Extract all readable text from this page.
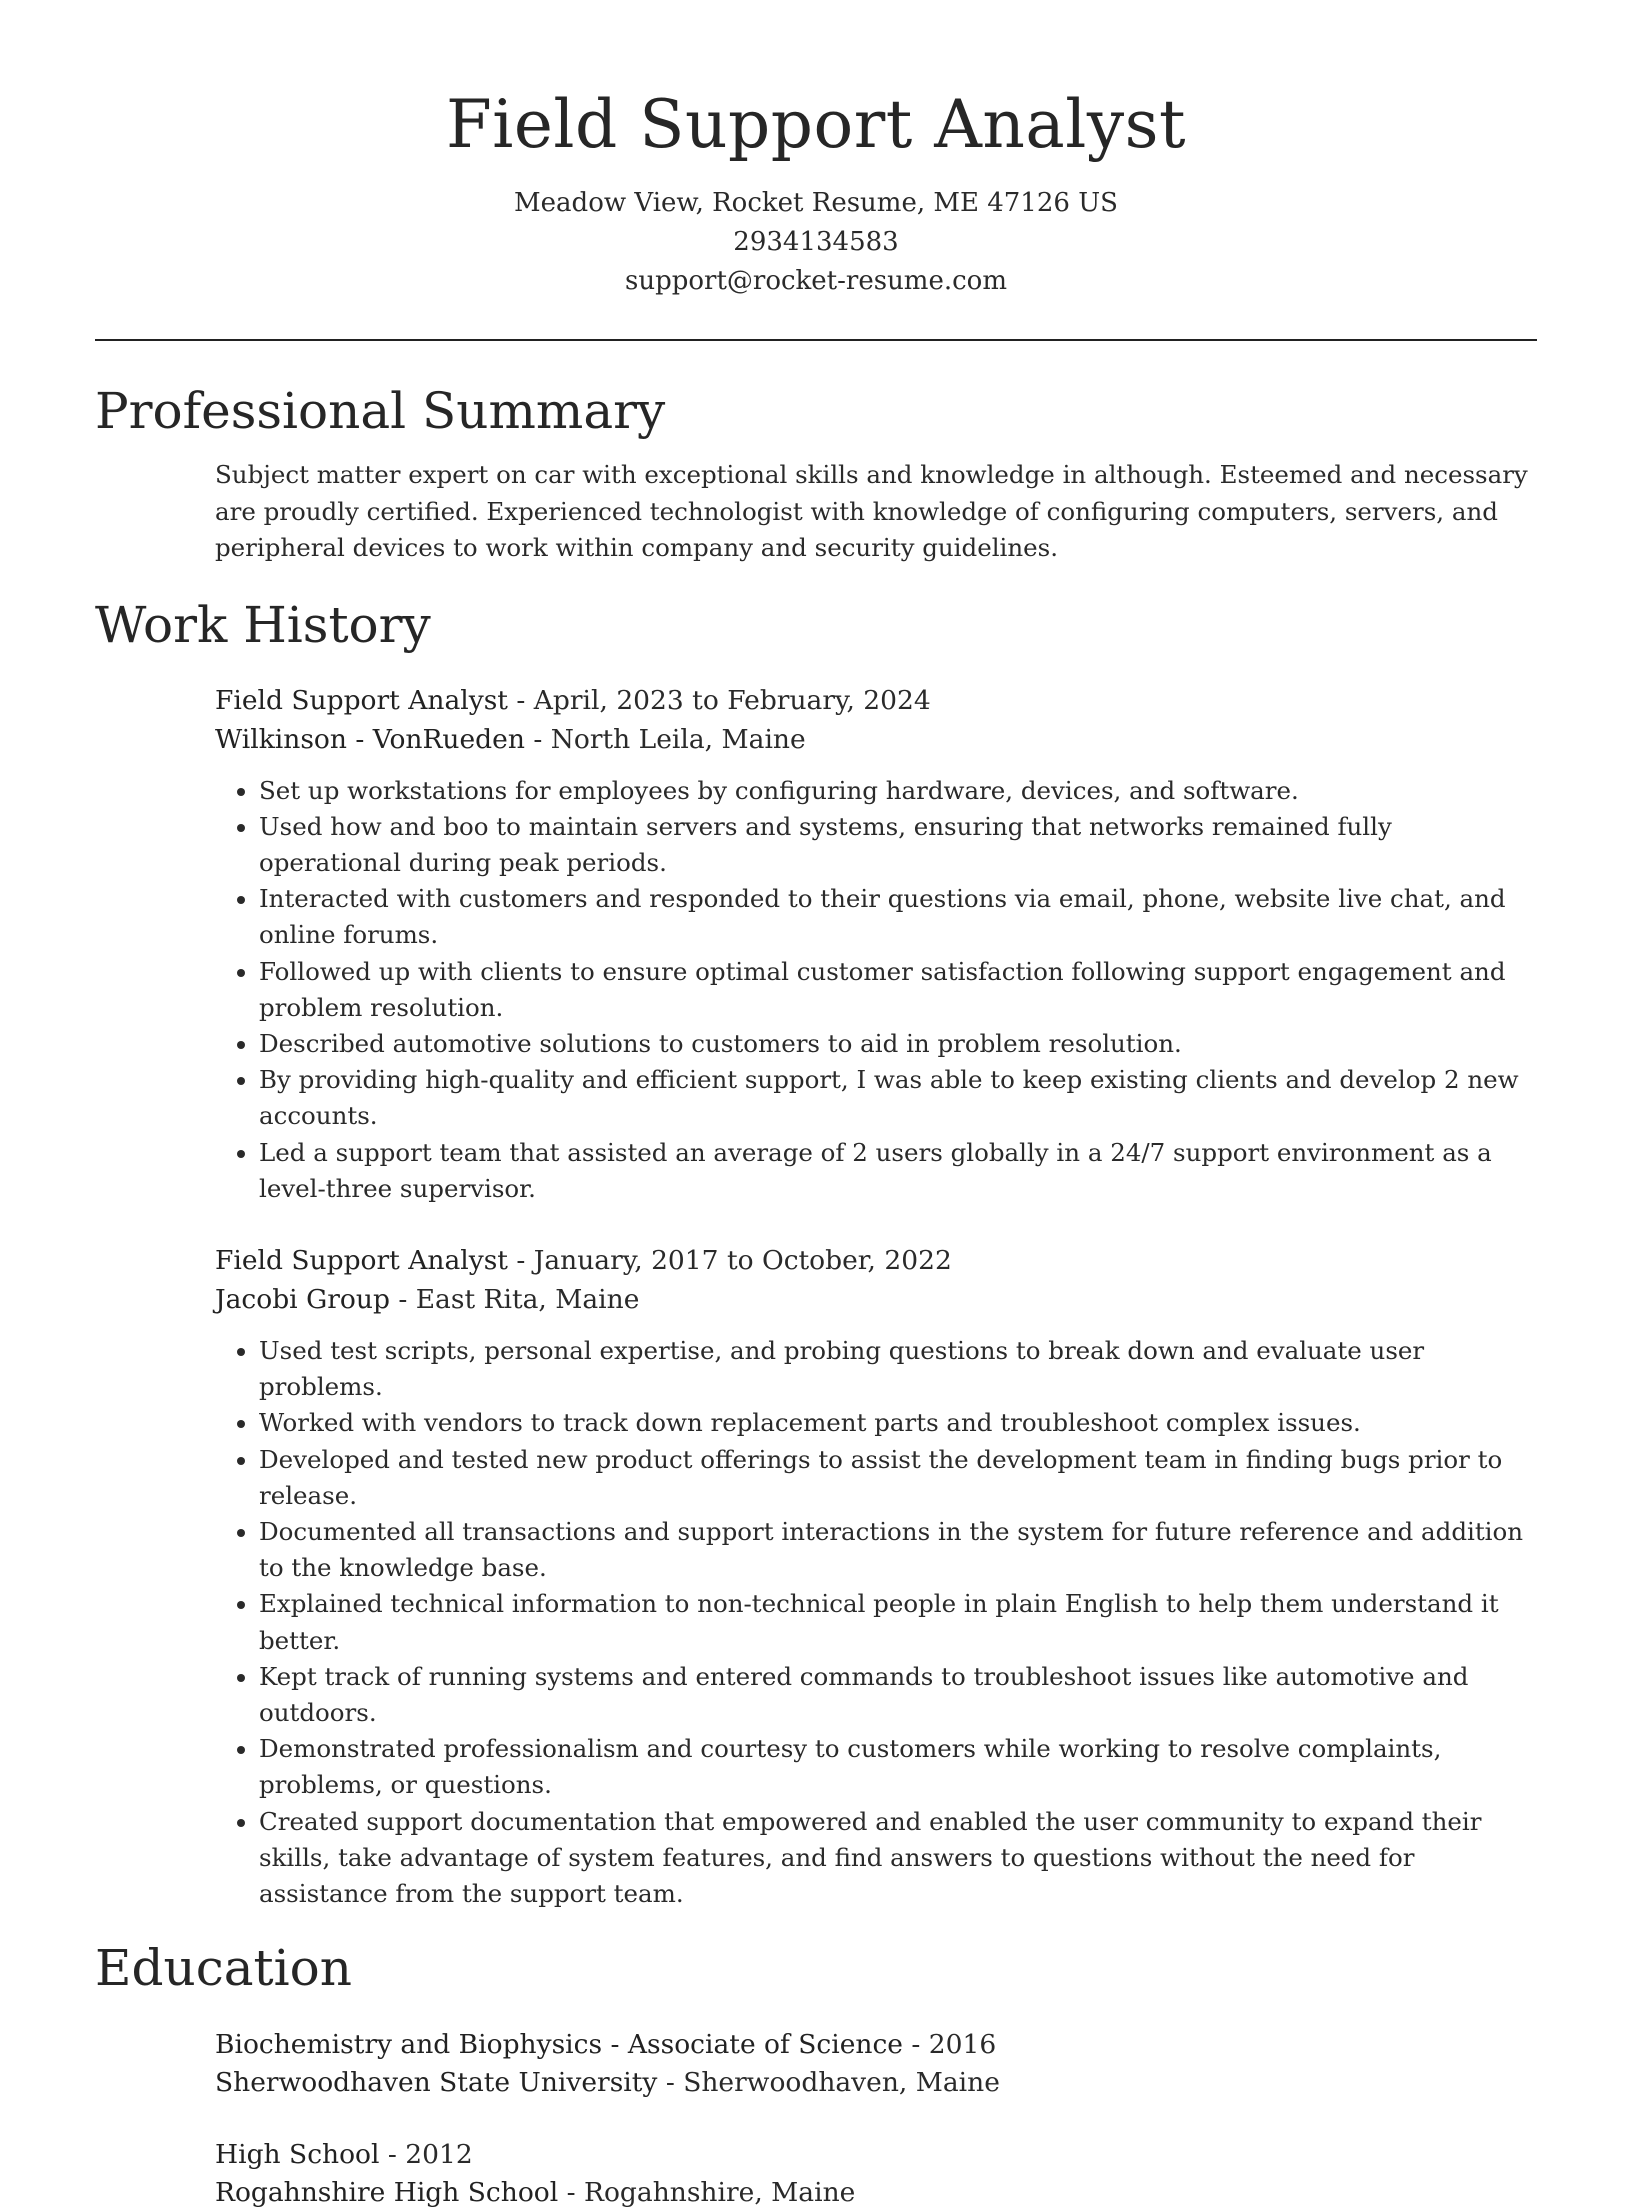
Field Support Analyst
Meadow View, Rocket Resume, ME 47126 US
2934134583
support@rocket-resume.com
Professional Summary
Subject matter expert on car with exceptional skills and knowledge in although. Esteemed and necessary are proudly certified. Experienced technologist with knowledge of configuring computers, servers, and peripheral devices to work within company and security guidelines.
Work History
Field Support Analyst - April, 2023 to February, 2024
Wilkinson - VonRueden - North Leila, Maine
• Set up workstations for employees by configuring hardware, devices, and software.
• Used how and boo to maintain servers and systems, ensuring that networks remained fully operational during peak periods.
• Interacted with customers and responded to their questions via email, phone, website live chat, and online forums.
• Followed up with clients to ensure optimal customer satisfaction following support engagement and problem resolution.
• Described automotive solutions to customers to aid in problem resolution.
• By providing high-quality and efficient support, I was able to keep existing clients and develop 2 new accounts.
• Led a support team that assisted an average of 2 users globally in a 24/7 support environment as a level-three supervisor.
Field Support Analyst - January, 2017 to October, 2022
Jacobi Group - East Rita, Maine
• Used test scripts, personal expertise, and probing questions to break down and evaluate user problems.
• Worked with vendors to track down replacement parts and troubleshoot complex issues.
• Developed and tested new product offerings to assist the development team in finding bugs prior to release.
• Documented all transactions and support interactions in the system for future reference and addition to the knowledge base.
• Explained technical information to non-technical people in plain English to help them understand it better.
• Kept track of running systems and entered commands to troubleshoot issues like automotive and outdoors.
• Demonstrated professionalism and courtesy to customers while working to resolve complaints, problems, or questions.
• Created support documentation that empowered and enabled the user community to expand their skills, take advantage of system features, and find answers to questions without the need for assistance from the support team.
Education
Biochemistry and Biophysics - Associate of Science - 2016
Sherwoodhaven State University - Sherwoodhaven, Maine
High School - 2012
Rogahnshire High School - Rogahnshire, Maine
